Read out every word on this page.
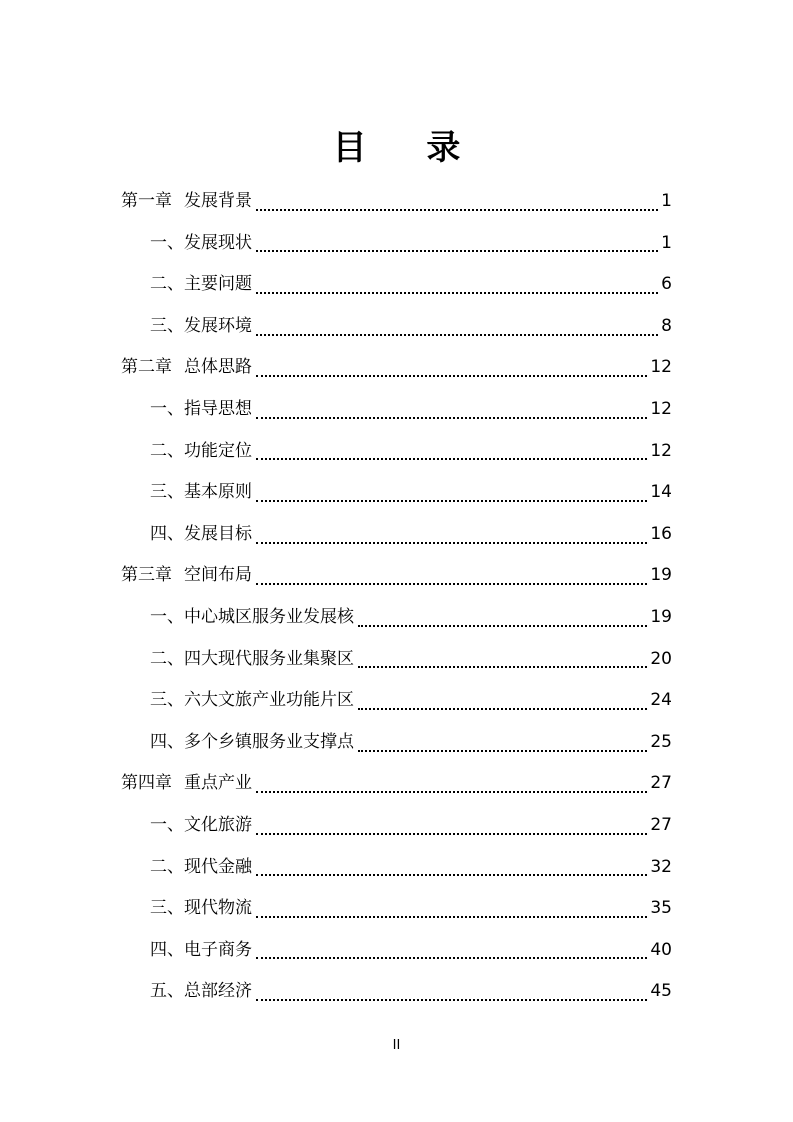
目 录
第一章 发展背景	1
一、发展现状	1
二、主要问题	6
三、发展环境	8
第二章 总体思路	12
一、指导思想	12
二、功能定位	12
三、基本原则	14
四、发展目标	16
第三章 空间布局	19
一、中心城区服务业发展核	19
二、四大现代服务业集聚区	20
三、六大文旅产业功能片区	24
四、多个乡镇服务业支撑点	25
第四章 重点产业	27
一、文化旅游	27
二、现代金融	32
三、现代物流	35
四、电子商务	40
五、总部经济	45
II
